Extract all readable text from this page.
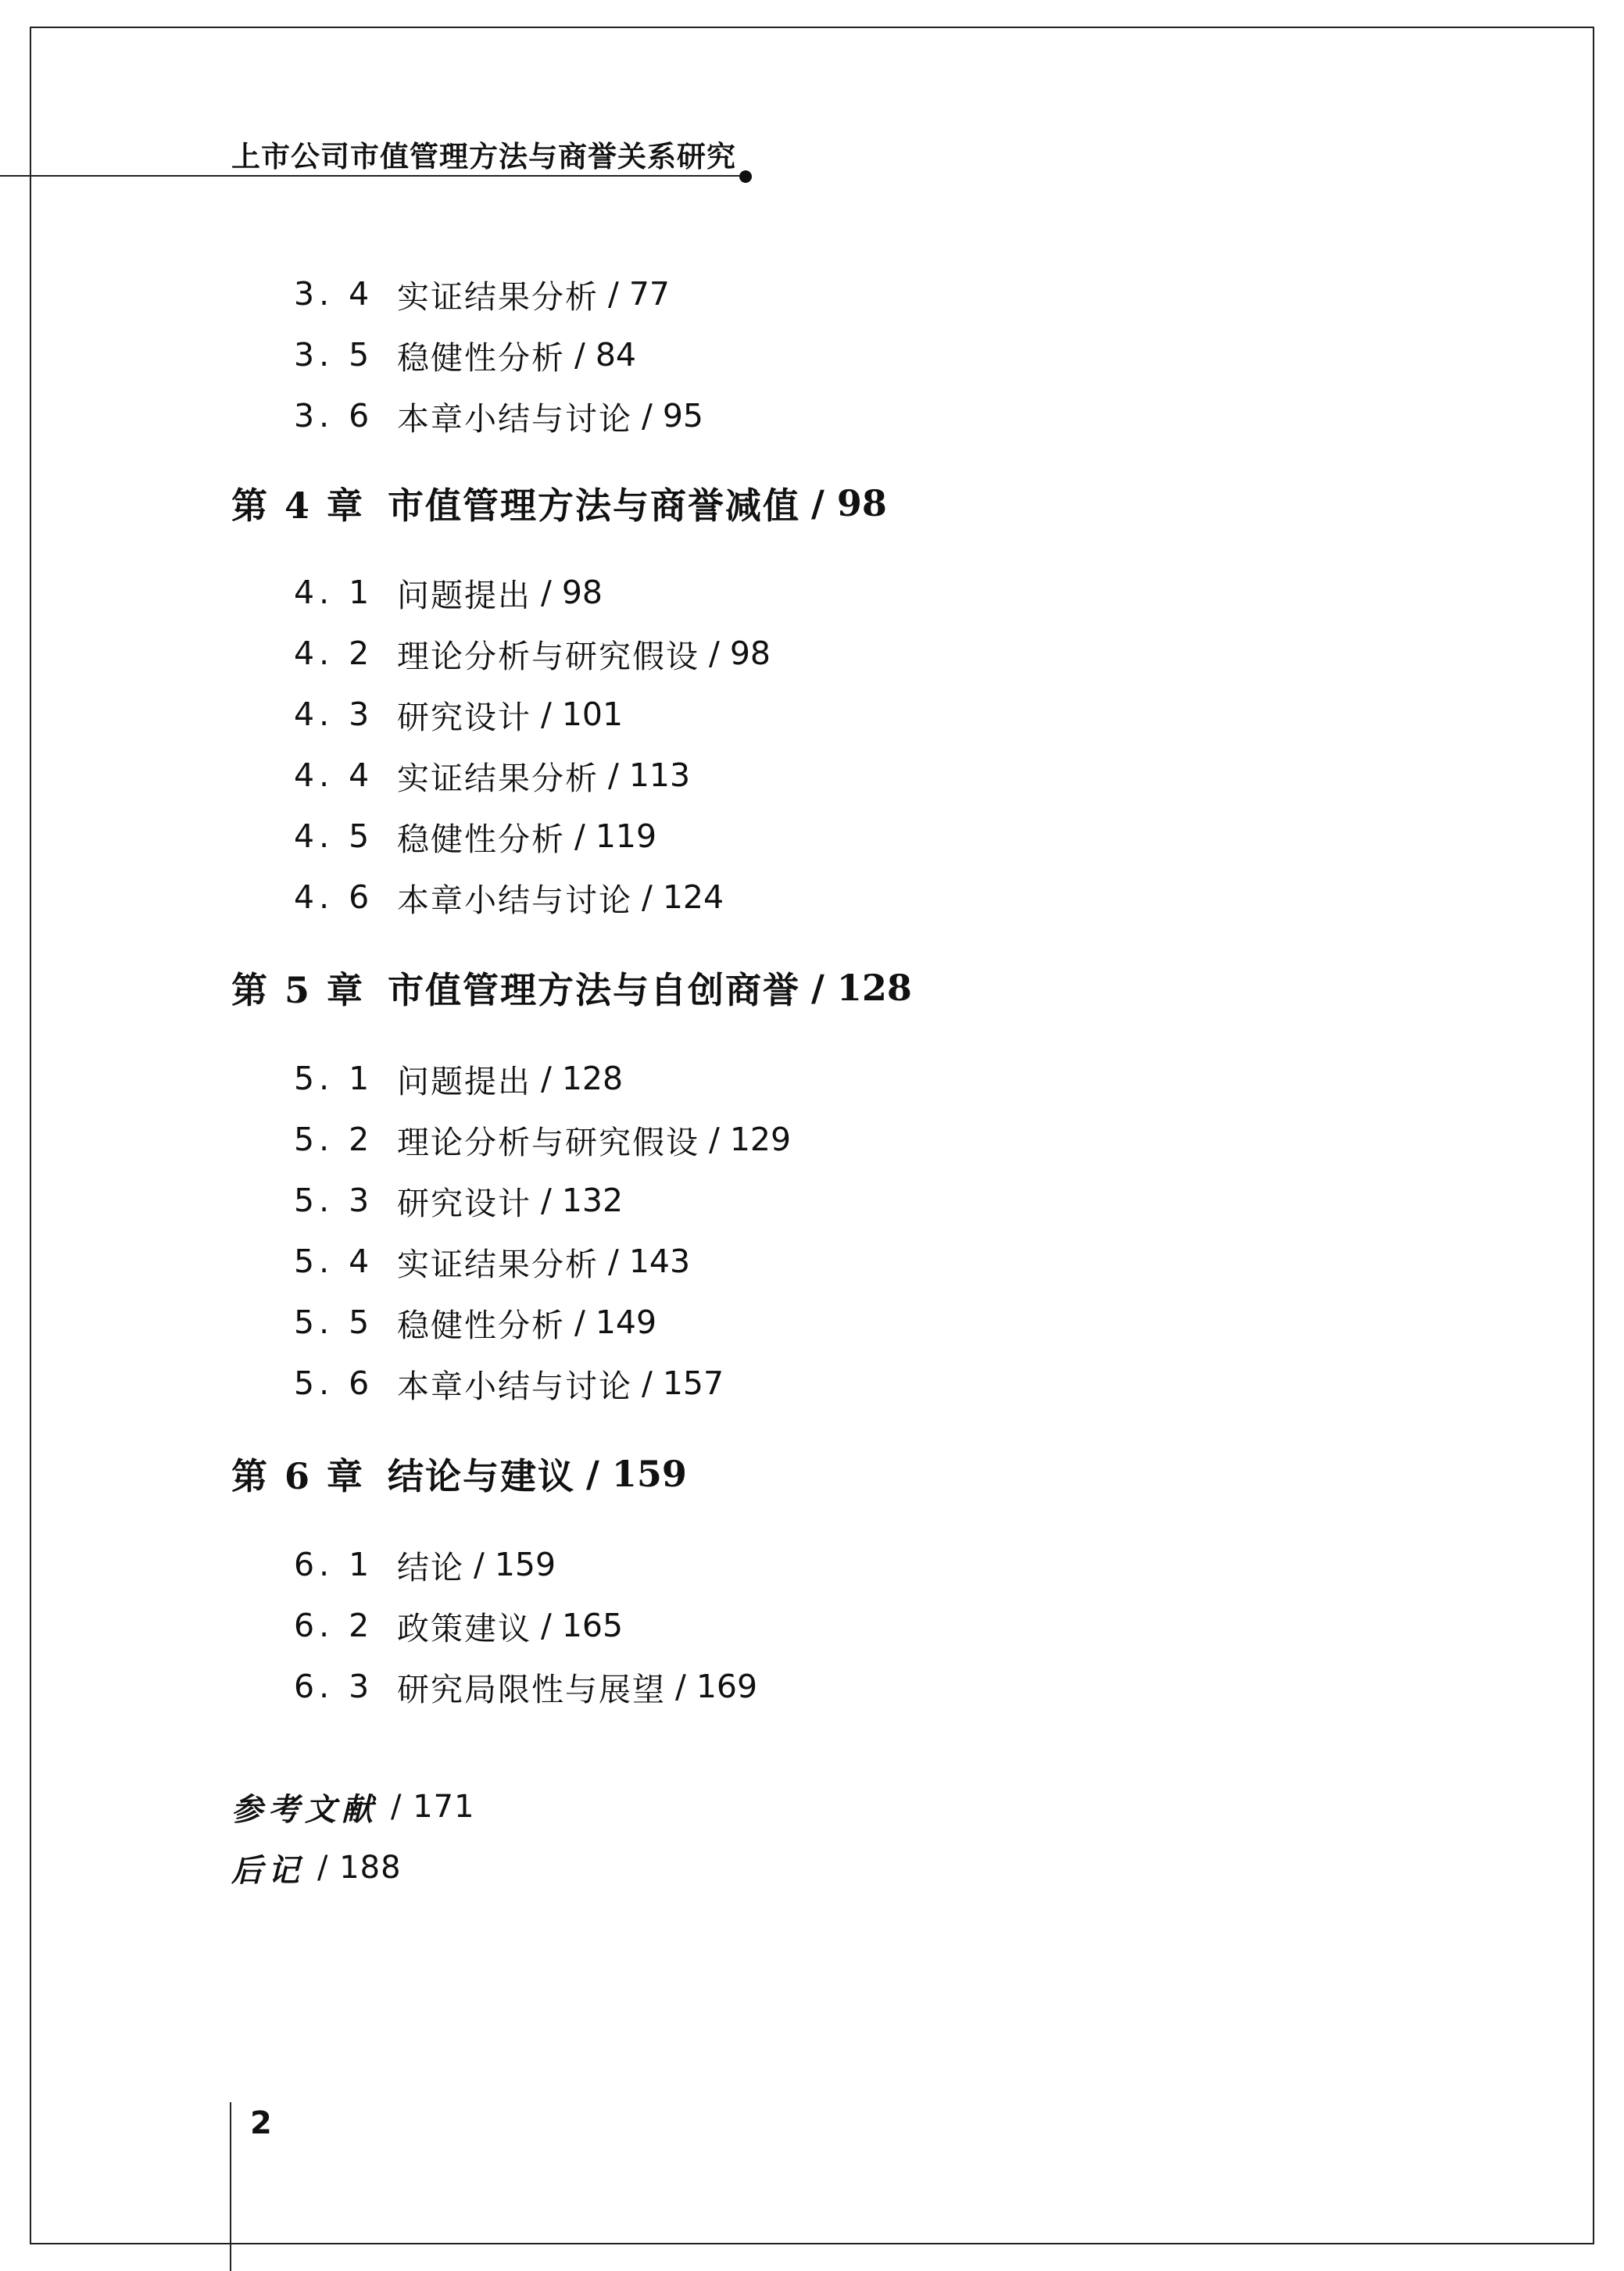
上市公司市值管理方法与商誉关系研究
3. 4 实证结果分析 / 77
3. 5 稳健性分析 / 84
3. 6 本章小结与讨论 / 95
第 4 章 市值管理方法与商誉减值 / 98
4. 1 问题提出 / 98
4. 2 理论分析与研究假设 / 98
4. 3 研究设计 / 101
4. 4 实证结果分析 / 113
4. 5 稳健性分析 / 119
4. 6 本章小结与讨论 / 124
第 5 章 市值管理方法与自创商誉 / 128
5. 1 问题提出 / 128
5. 2 理论分析与研究假设 / 129
5. 3 研究设计 / 132
5. 4 实证结果分析 / 143
5. 5 稳健性分析 / 149
5. 6 本章小结与讨论 / 157
第 6 章 结论与建议 / 159
6. 1 结论 / 159
6. 2 政策建议 / 165
6. 3 研究局限性与展望 / 169
参考文献 / 171
后记 / 188
2
